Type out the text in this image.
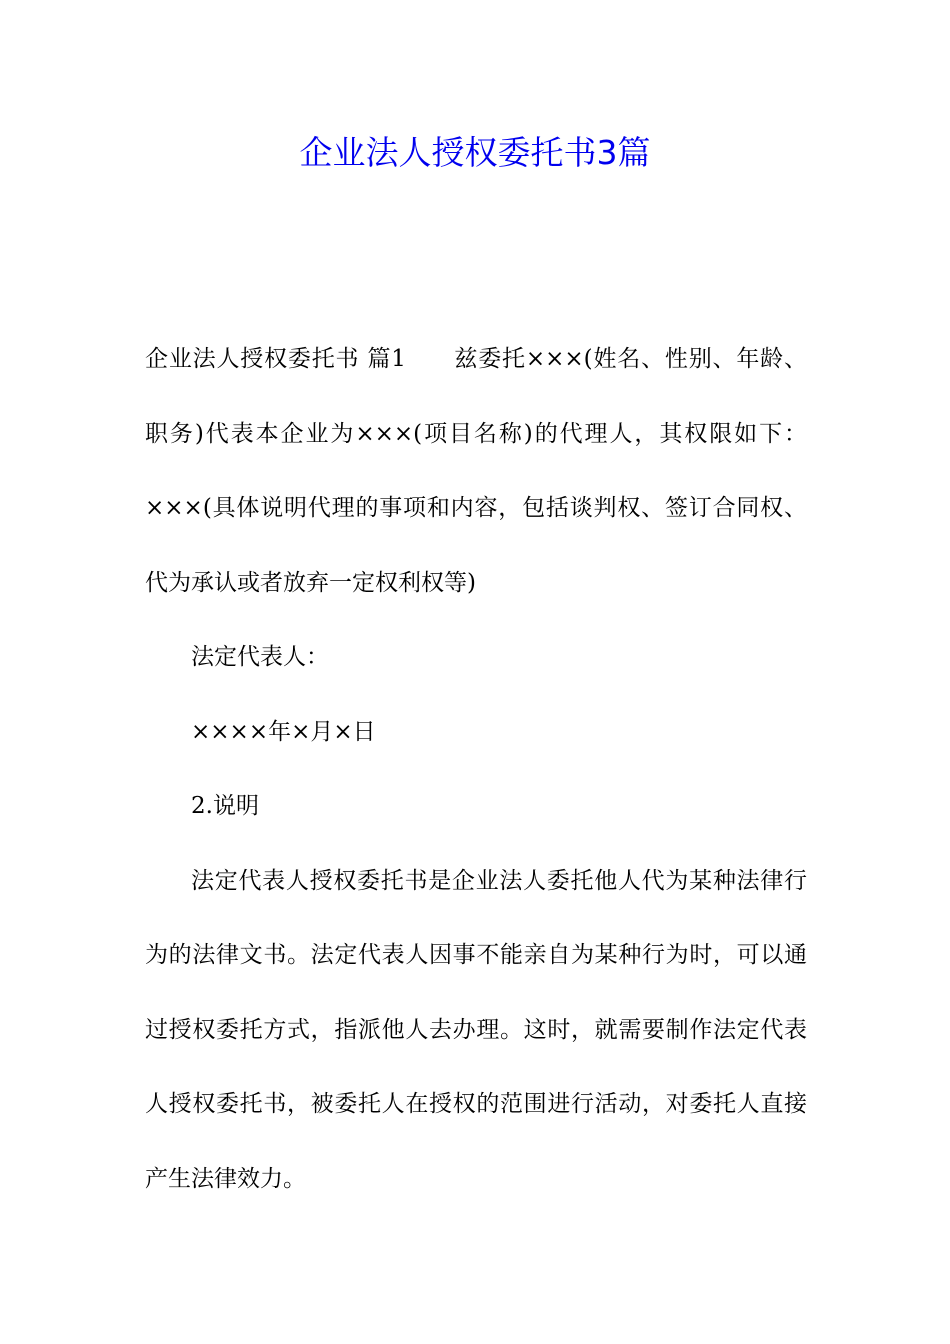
企业法人授权委托书3篇

企业法人授权委托书 篇1　　兹委托×××(姓名、性别、年龄、职务)代表本企业为×××(项目名称)的代理人，其权限如下：×××(具体说明代理的事项和内容，包括谈判权、签订合同权、代为承认或者放弃一定权利权等)

法定代表人：

××××年×月×日

2.说明

法定代表人授权委托书是企业法人委托他人代为某种法律行为的法律文书。法定代表人因事不能亲自为某种行为时，可以通过授权委托方式，指派他人去办理。这时，就需要制作法定代表人授权委托书，被委托人在授权的范围进行活动，对委托人直接产生法律效力。
